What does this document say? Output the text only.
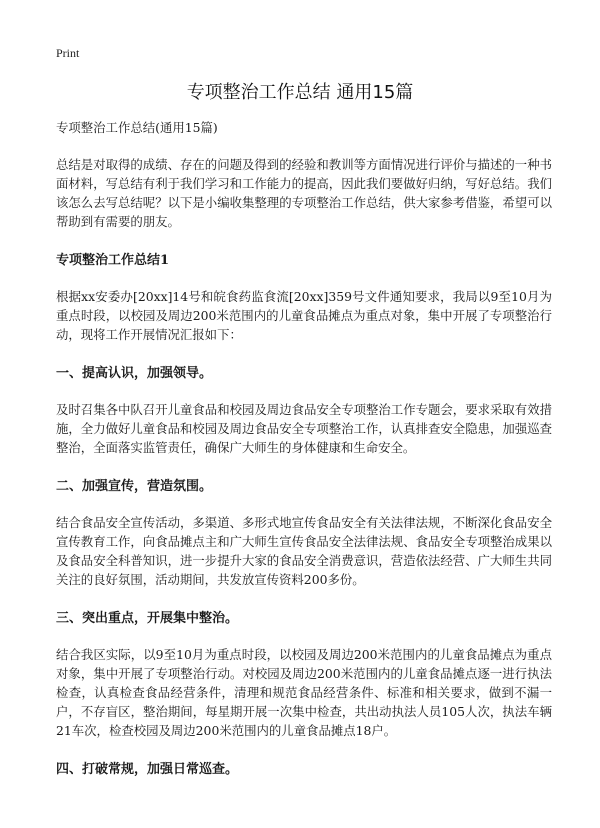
Print
专项整治工作总结 通用15篇

专项整治工作总结(通用15篇)

总结是对取得的成绩、存在的问题及得到的经验和教训等方面情况进行评价与描述的一种书面材料，写总结有利于我们学习和工作能力的提高，因此我们要做好归纳，写好总结。我们该怎么去写总结呢？以下是小编收集整理的专项整治工作总结，供大家参考借鉴，希望可以帮助到有需要的朋友。

专项整治工作总结1

根据xx安委办[20xx]14号和皖食药监食流[20xx]359号文件通知要求，我局以9至10月为重点时段，以校园及周边200米范围内的儿童食品摊点为重点对象，集中开展了专项整治行动，现将工作开展情况汇报如下：

一、提高认识，加强领导。

及时召集各中队召开儿童食品和校园及周边食品安全专项整治工作专题会，要求采取有效措施，全力做好儿童食品和校园及周边食品安全专项整治工作，认真排查安全隐患，加强巡查整治，全面落实监管责任，确保广大师生的身体健康和生命安全。

二、加强宣传，营造氛围。

结合食品安全宣传活动，多渠道、多形式地宣传食品安全有关法律法规，不断深化食品安全宣传教育工作，向食品摊点主和广大师生宣传食品安全法律法规、食品安全专项整治成果以及食品安全科普知识，进一步提升大家的食品安全消费意识，营造依法经营、广大师生共同关注的良好氛围，活动期间，共发放宣传资料200多份。

三、突出重点，开展集中整治。

结合我区实际，以9至10月为重点时段，以校园及周边200米范围内的儿童食品摊点为重点对象，集中开展了专项整治行动。对校园及周边200米范围内的儿童食品摊点逐一进行执法检查，认真检查食品经营条件，清理和规范食品经营条件、标准和相关要求，做到不漏一户，不存盲区，整治期间，每星期开展一次集中检查，共出动执法人员105人次，执法车辆21车次，检查校园及周边200米范围内的儿童食品摊点18户。

四、打破常规，加强日常巡查。
